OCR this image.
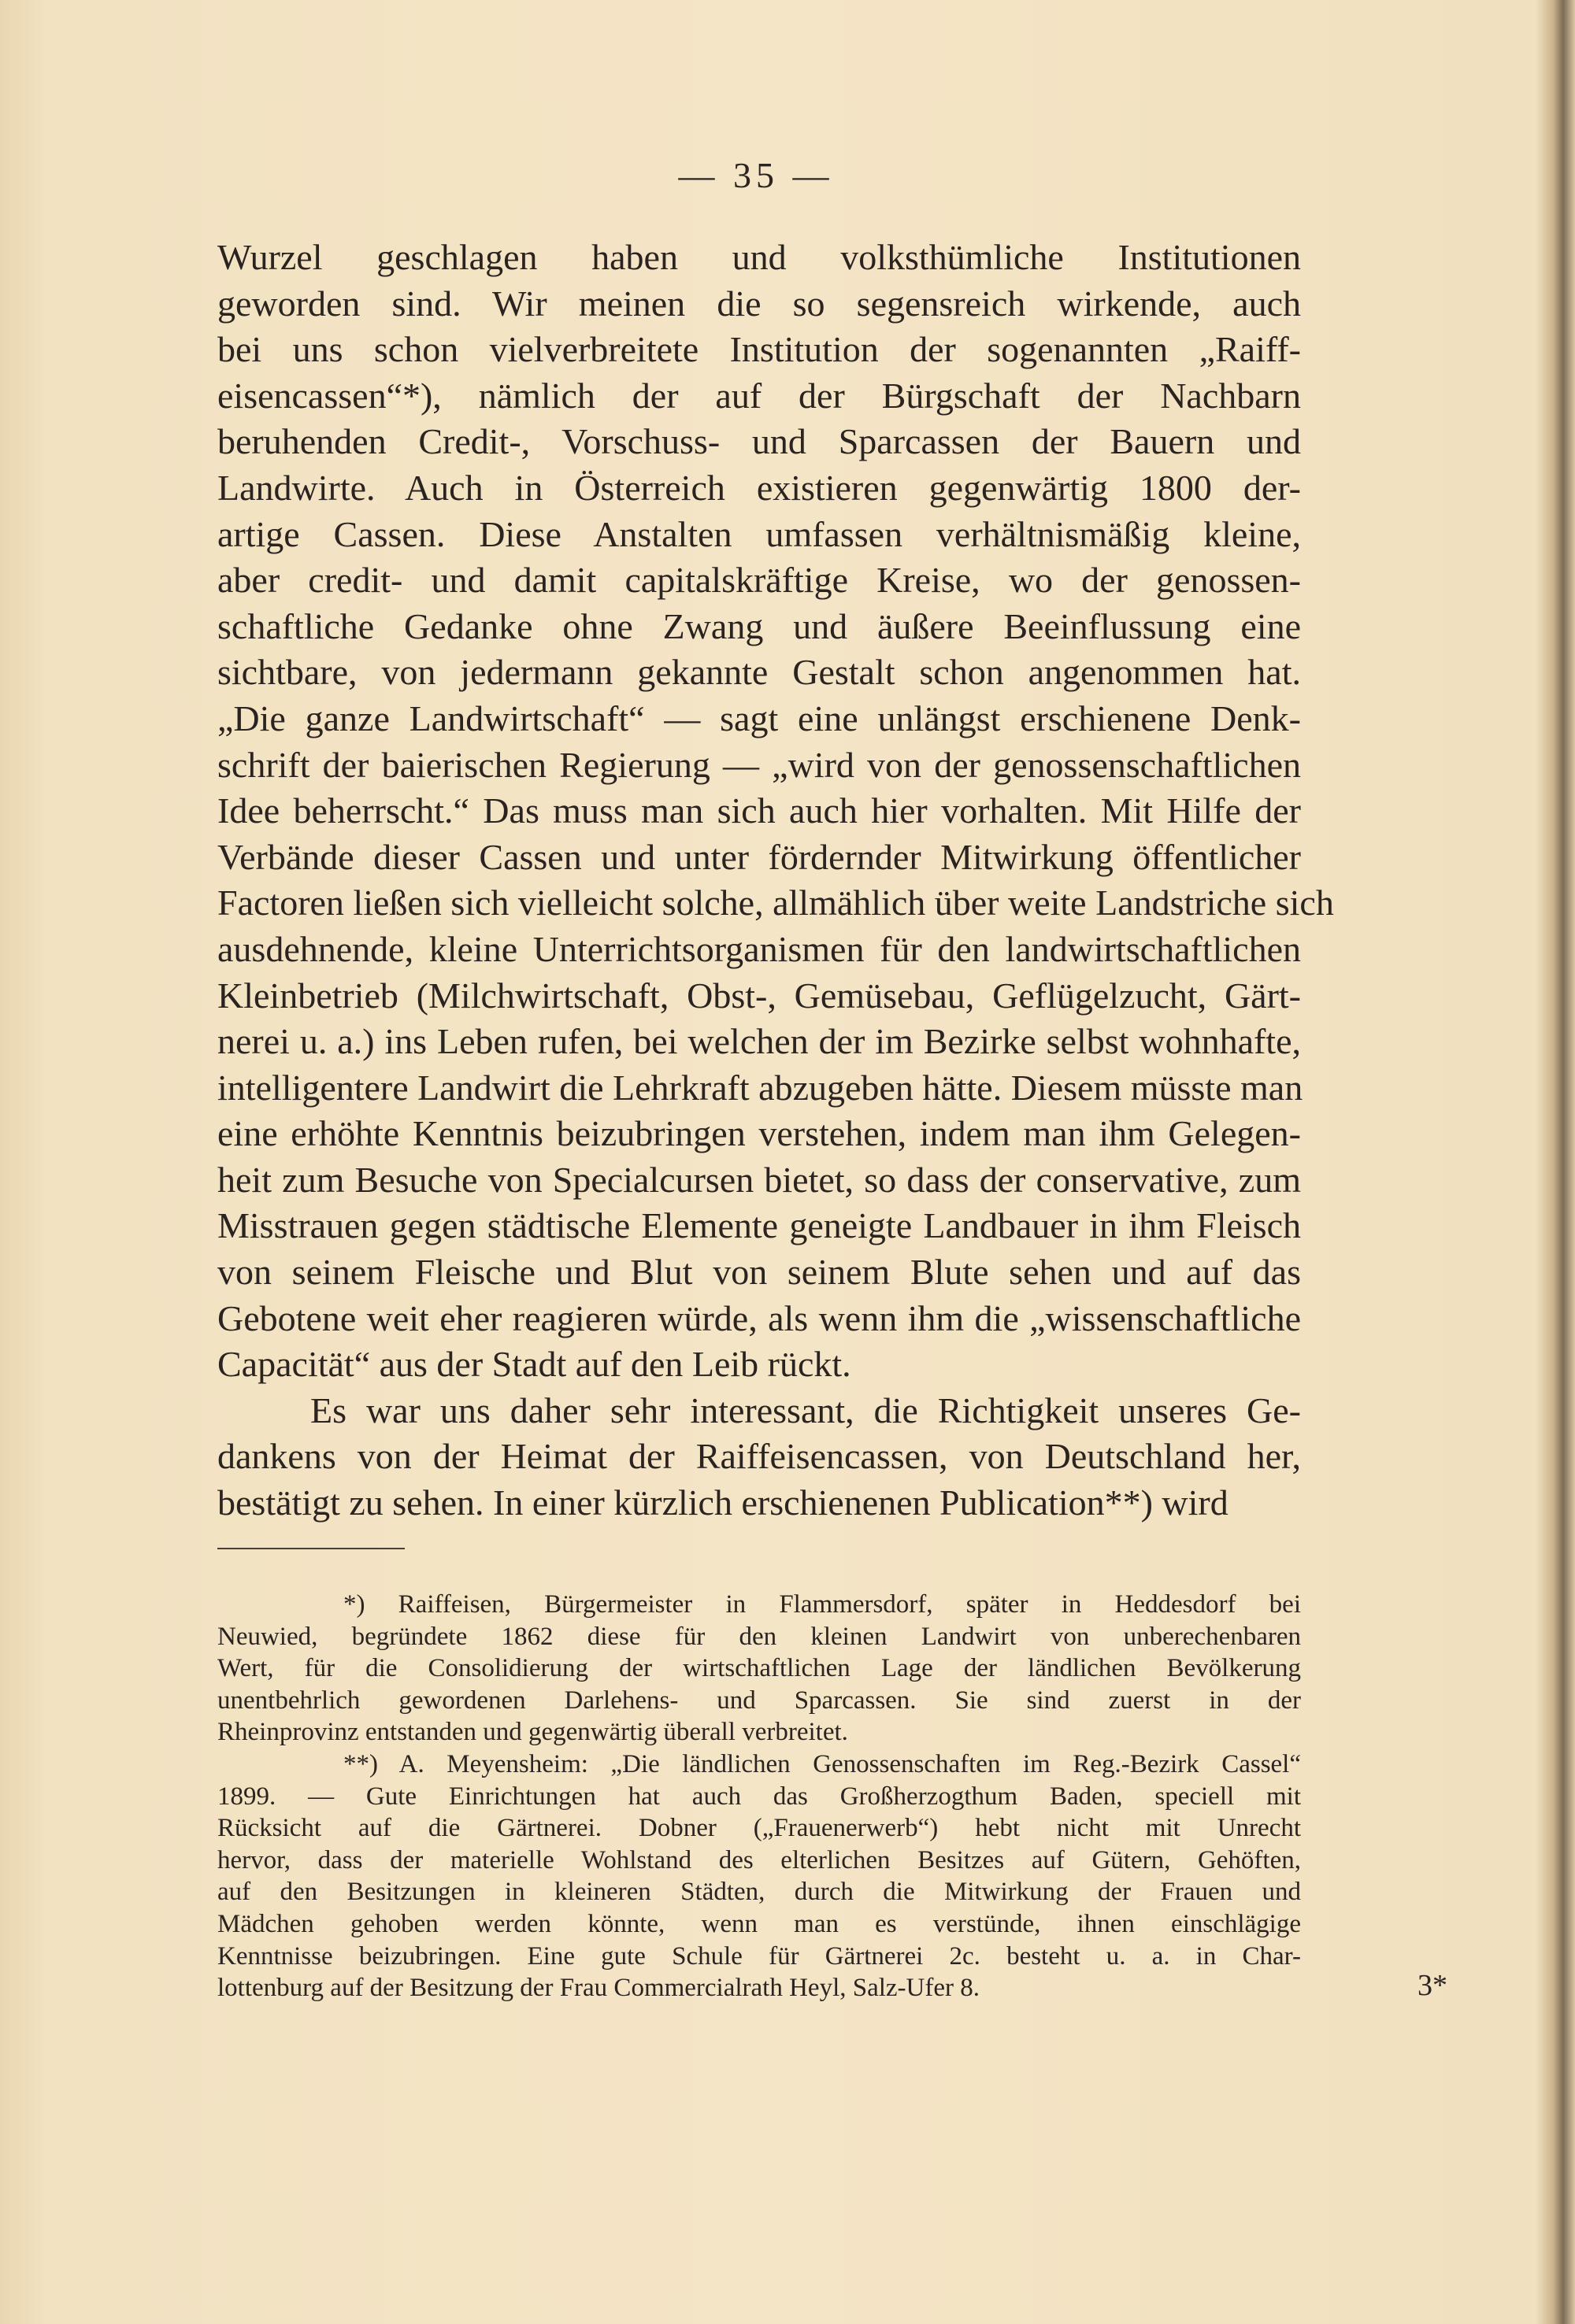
— 35 —
Wurzel geschlagen haben und volksthümliche Institutionen
geworden sind. Wir meinen die so segensreich wirkende, auch
bei uns schon vielverbreitete Institution der sogenannten „Raiff-
eisencassen“*), nämlich der auf der Bürgschaft der Nachbarn
beruhenden Credit-, Vorschuss- und Sparcassen der Bauern und
Landwirte. Auch in Österreich existieren gegenwärtig 1800 der-
artige Cassen. Diese Anstalten umfassen verhältnismäßig kleine,
aber credit- und damit capitalskräftige Kreise, wo der genossen-
schaftliche Gedanke ohne Zwang und äußere Beeinflussung eine
sichtbare, von jedermann gekannte Gestalt schon angenommen hat.
„Die ganze Landwirtschaft“ — sagt eine unlängst erschienene Denk-
schrift der baierischen Regierung — „wird von der genossenschaftlichen
Idee beherrscht.“ Das muss man sich auch hier vorhalten. Mit Hilfe der
Verbände dieser Cassen und unter fördernder Mitwirkung öffentlicher
Factoren ließen sich vielleicht solche, allmählich über weite Landstriche sich
ausdehnende, kleine Unterrichtsorganismen für den landwirtschaftlichen
Kleinbetrieb (Milchwirtschaft, Obst-, Gemüsebau, Geflügelzucht, Gärt-
nerei u. a.) ins Leben rufen, bei welchen der im Bezirke selbst wohnhafte,
intelligentere Landwirt die Lehrkraft abzugeben hätte. Diesem müsste man
eine erhöhte Kenntnis beizubringen verstehen, indem man ihm Gelegen-
heit zum Besuche von Specialcursen bietet, so dass der conservative, zum
Misstrauen gegen städtische Elemente geneigte Landbauer in ihm Fleisch
von seinem Fleische und Blut von seinem Blute sehen und auf das
Gebotene weit eher reagieren würde, als wenn ihm die „wissenschaftliche
Capacität“ aus der Stadt auf den Leib rückt.
Es war uns daher sehr interessant, die Richtigkeit unseres Ge-
dankens von der Heimat der Raiffeisencassen, von Deutschland her,
bestätigt zu sehen. In einer kürzlich erschienenen Publication**) wird
*) Raiffeisen, Bürgermeister in Flammersdorf, später in Heddesdorf bei
Neuwied, begründete 1862 diese für den kleinen Landwirt von unberechenbaren
Wert, für die Consolidierung der wirtschaftlichen Lage der ländlichen Bevölkerung
unentbehrlich gewordenen Darlehens- und Sparcassen. Sie sind zuerst in der
Rheinprovinz entstanden und gegenwärtig überall verbreitet.
**) A. Meyensheim: „Die ländlichen Genossenschaften im Reg.-Bezirk Cassel“
1899. — Gute Einrichtungen hat auch das Großherzogthum Baden, speciell mit
Rücksicht auf die Gärtnerei. Dobner („Frauenerwerb“) hebt nicht mit Unrecht
hervor, dass der materielle Wohlstand des elterlichen Besitzes auf Gütern, Gehöften,
auf den Besitzungen in kleineren Städten, durch die Mitwirkung der Frauen und
Mädchen gehoben werden könnte, wenn man es verstünde, ihnen einschlägige
Kenntnisse beizubringen. Eine gute Schule für Gärtnerei 2c. besteht u. a. in Char-
lottenburg auf der Besitzung der Frau Commercialrath Heyl, Salz-Ufer 8.	3*
